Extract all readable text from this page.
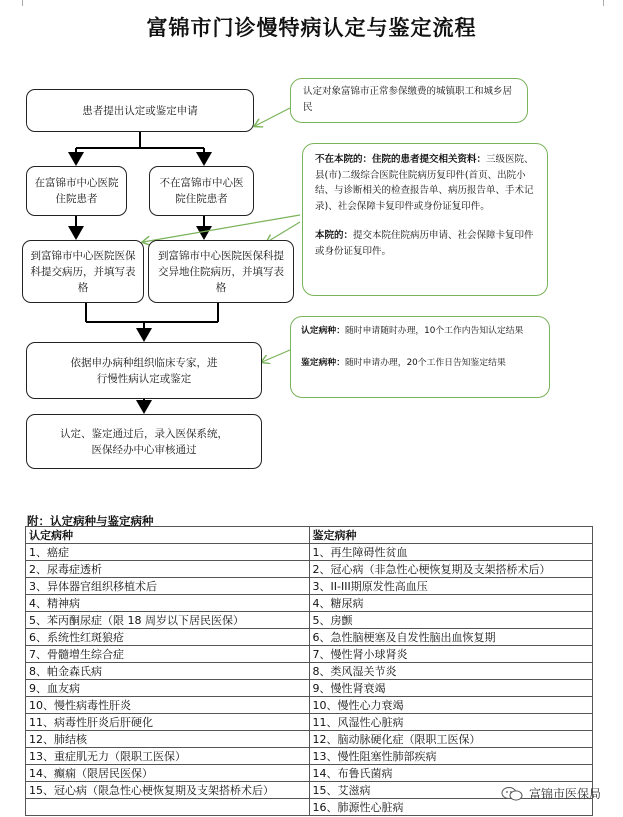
富锦市门诊慢特病认定与鉴定流程
患者提出认定或鉴定申请
在富锦市中心医院住院患者
不在富锦市中心医院住院患者
到富锦市中心医院医保科提交病历，并填写表格
到富锦市中心医院医保科提交异地住院病历，并填写表格
依据申办病种组织临床专家，进行慢性病认定或鉴定
认定、鉴定通过后，录入医保系统，医保经办中心审核通过
认定对象富锦市正常参保缴费的城镇职工和城乡居民
不在本院的：住院的患者提交相关资料：三级医院、县(市)二级综合医院住院病历复印件(首页、出院小结、与诊断相关的检查报告单、病历报告单、手术记录)、社会保障卡复印件或身份证复印件。
本院的：提交本院住院病历申请、社会保障卡复印件或身份证复印件。
认定病种：随时申请随时办理，10个工作内告知认定结果
鉴定病种：随时申请办理，20个工作日告知鉴定结果
附：认定病种与鉴定病种
认定病种	鉴定病种
1、癌症	1、再生障碍性贫血
2、尿毒症透析	2、冠心病（非急性心梗恢复期及支架搭桥术后）
3、异体器官组织移植术后	3、II-III期原发性高血压
4、精神病	4、糖尿病
5、苯丙酮尿症（限 18 周岁以下居民医保）	5、房颤
6、系统性红斑狼疮	6、急性脑梗塞及自发性脑出血恢复期
7、骨髓增生综合症	7、慢性肾小球肾炎
8、帕金森氏病	8、类风湿关节炎
9、血友病	9、慢性肾衰竭
10、慢性病毒性肝炎	10、慢性心力衰竭
11、病毒性肝炎后肝硬化	11、风湿性心脏病
12、肺结核	12、脑动脉硬化症（限职工医保）
13、重症肌无力（限职工医保）	13、慢性阻塞性肺部疾病
14、癫痫（限居民医保）	14、布鲁氏菌病
15、冠心病（限急性心梗恢复期及支架搭桥术后）	15、艾滋病
	16、肺源性心脏病
富锦市医保局
